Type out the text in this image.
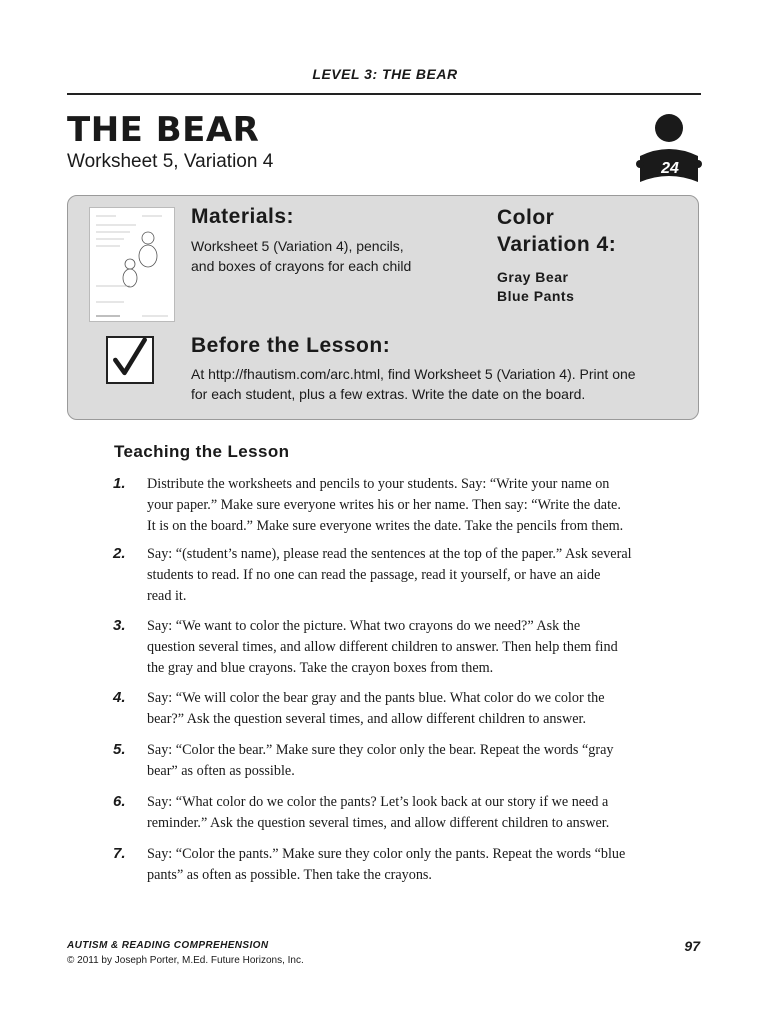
LEVEL 3: THE BEAR
THE BEAR
Worksheet 5, Variation 4	24
Materials:
Worksheet 5 (Variation 4), pencils,
and boxes of crayons for each child
Color
Variation 4:
Gray Bear
Blue Pants
Before the Lesson:
At http://fhautism.com/arc.html, find Worksheet 5 (Variation 4). Print one
for each student, plus a few extras. Write the date on the board.
Teaching the Lesson
1. Distribute the worksheets and pencils to your students. Say: “Write your name on
your paper.” Make sure everyone writes his or her name. Then say: “Write the date.
It is on the board.” Make sure everyone writes the date. Take the pencils from them.
2. Say: “(student’s name), please read the sentences at the top of the paper.” Ask several
students to read. If no one can read the passage, read it yourself, or have an aide
read it.
3. Say: “We want to color the picture. What two crayons do we need?” Ask the
question several times, and allow different children to answer. Then help them find
the gray and blue crayons. Take the crayon boxes from them.
4. Say: “We will color the bear gray and the pants blue. What color do we color the
bear?” Ask the question several times, and allow different children to answer.
5. Say: “Color the bear.” Make sure they color only the bear. Repeat the words “gray
bear” as often as possible.
6. Say: “What color do we color the pants? Let’s look back at our story if we need a
reminder.” Ask the question several times, and allow different children to answer.
7. Say: “Color the pants.” Make sure they color only the pants. Repeat the words “blue
pants” as often as possible. Then take the crayons.
AUTISM & READING COMPREHENSION
© 2011 by Joseph Porter, M.Ed. Future Horizons, Inc.
97
